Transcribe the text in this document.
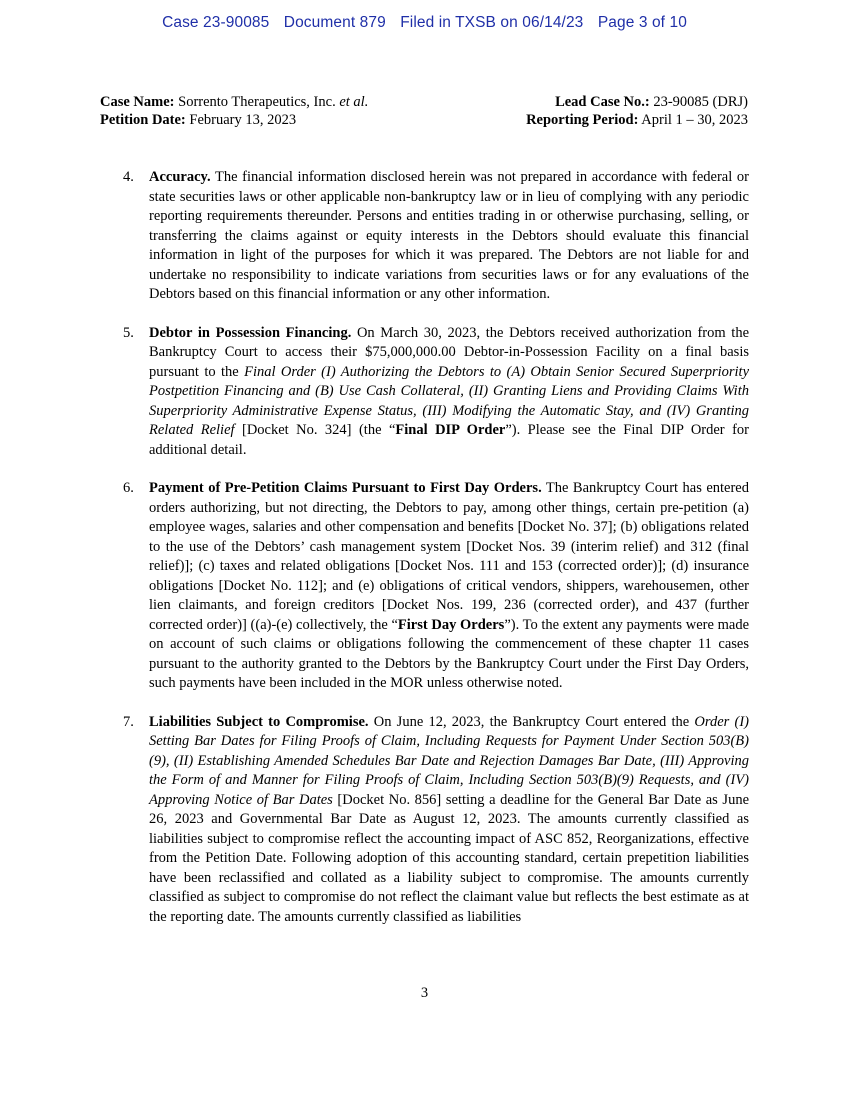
Case 23-90085 Document 879 Filed in TXSB on 06/14/23 Page 3 of 10
Case Name: Sorrento Therapeutics, Inc. et al.	Lead Case No.: 23-90085 (DRJ)
Petition Date: February 13, 2023	Reporting Period: April 1 – 30, 2023
4. Accuracy. The financial information disclosed herein was not prepared in accordance with federal or state securities laws or other applicable non-bankruptcy law or in lieu of complying with any periodic reporting requirements thereunder. Persons and entities trading in or otherwise purchasing, selling, or transferring the claims against or equity interests in the Debtors should evaluate this financial information in light of the purposes for which it was prepared. The Debtors are not liable for and undertake no responsibility to indicate variations from securities laws or for any evaluations of the Debtors based on this financial information or any other information.
5. Debtor in Possession Financing. On March 30, 2023, the Debtors received authorization from the Bankruptcy Court to access their $75,000,000.00 Debtor-in-Possession Facility on a final basis pursuant to the Final Order (I) Authorizing the Debtors to (A) Obtain Senior Secured Superpriority Postpetition Financing and (B) Use Cash Collateral, (II) Granting Liens and Providing Claims With Superpriority Administrative Expense Status, (III) Modifying the Automatic Stay, and (IV) Granting Related Relief [Docket No. 324] (the “Final DIP Order”). Please see the Final DIP Order for additional detail.
6. Payment of Pre-Petition Claims Pursuant to First Day Orders. The Bankruptcy Court has entered orders authorizing, but not directing, the Debtors to pay, among other things, certain pre-petition (a) employee wages, salaries and other compensation and benefits [Docket No. 37]; (b) obligations related to the use of the Debtors’ cash management system [Docket Nos. 39 (interim relief) and 312 (final relief)]; (c) taxes and related obligations [Docket Nos. 111 and 153 (corrected order)]; (d) insurance obligations [Docket No. 112]; and (e) obligations of critical vendors, shippers, warehousemen, other lien claimants, and foreign creditors [Docket Nos. 199, 236 (corrected order), and 437 (further corrected order)] ((a)-(e) collectively, the “First Day Orders”). To the extent any payments were made on account of such claims or obligations following the commencement of these chapter 11 cases pursuant to the authority granted to the Debtors by the Bankruptcy Court under the First Day Orders, such payments have been included in the MOR unless otherwise noted.
7. Liabilities Subject to Compromise. On June 12, 2023, the Bankruptcy Court entered the Order (I) Setting Bar Dates for Filing Proofs of Claim, Including Requests for Payment Under Section 503(B)(9), (II) Establishing Amended Schedules Bar Date and Rejection Damages Bar Date, (III) Approving the Form of and Manner for Filing Proofs of Claim, Including Section 503(B)(9) Requests, and (IV) Approving Notice of Bar Dates [Docket No. 856] setting a deadline for the General Bar Date as June 26, 2023 and Governmental Bar Date as August 12, 2023. The amounts currently classified as liabilities subject to compromise reflect the accounting impact of ASC 852, Reorganizations, effective from the Petition Date. Following adoption of this accounting standard, certain prepetition liabilities have been reclassified and collated as a liability subject to compromise. The amounts currently classified as subject to compromise do not reflect the claimant value but reflects the best estimate as at the reporting date. The amounts currently classified as liabilities
3
